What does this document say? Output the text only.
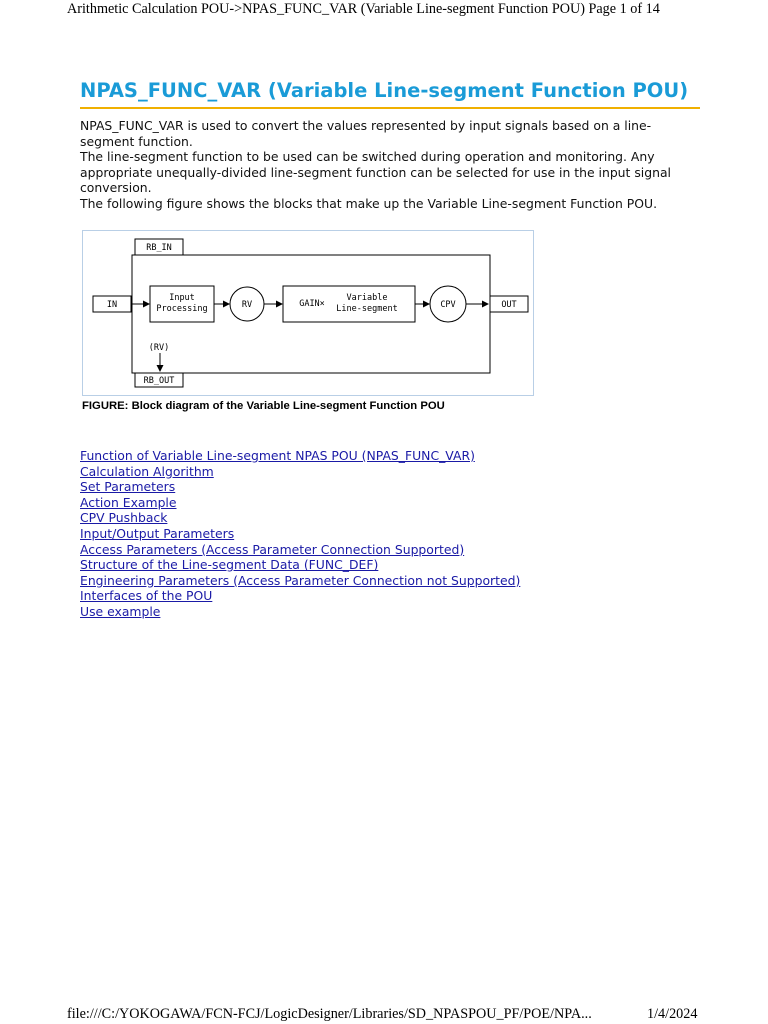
Arithmetic Calculation POU->NPAS_FUNC_VAR (Variable Line-segment Function POU) Page 1 of 14
NPAS_FUNC_VAR (Variable Line-segment Function POU)

NPAS_FUNC_VAR is used to convert the values represented by input signals based on a line-segment function.

The line-segment function to be used can be switched during operation and monitoring. Any appropriate unequally-divided line-segment function can be selected for use in the input signal conversion.

The following figure shows the blocks that make up the Variable Line-segment Function POU.

RB_IN
IN
Input
Processing	RV	GAIN×
Variable
Line-segment	CPV	OUT
(RV)
RB_OUT
FIGURE: Block diagram of the Variable Line-segment Function POU
Function of Variable Line-segment NPAS POU (NPAS_FUNC_VAR)
Calculation Algorithm
Set Parameters
Action Example
CPV Pushback
Input/Output Parameters
Access Parameters (Access Parameter Connection Supported)
Structure of the Line-segment Data (FUNC_DEF)
Engineering Parameters (Access Parameter Connection not Supported)
Interfaces of the POU
Use example
file:///C:/YOKOGAWA/FCN-FCJ/LogicDesigner/Libraries/SD_NPASPOU_PF/POE/NPA...	1/4/2024
